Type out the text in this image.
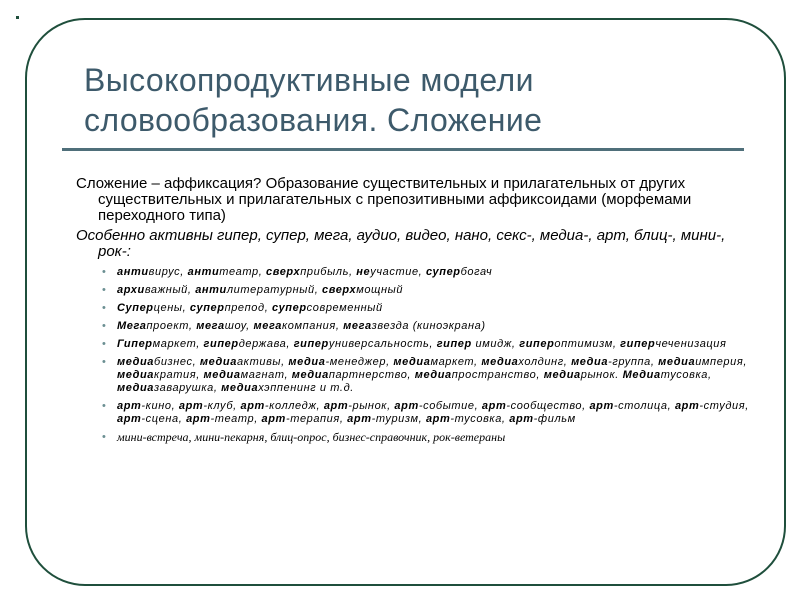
Высокопродуктивные модели словообразования. Сложение

Сложение – аффиксация? Образование существительных и прилагательных от других существительных и прилагательных с препозитивными аффиксоидами (морфемами переходного типа)

Особенно активны гипер, супер, мега, аудио, видео, нано, секс-, медиа-, арт, блиц-, мини-, рок-:

• антивирус, антитеатр, сверхприбыль, неучастие, супербогач
• архиважный, антилитературный, сверхмощный
• Суперцены, суперпрепод, суперсовременный
• Мегапроект, мегашоу, мегакомпания, мегазвезда (киноэкрана)
• Гипермаркет, гипердержава, гиперуниверсальность, гипер имидж, гипероптимизм, гиперчеченизация
• медиабизнес, медиаактивы, медиа-менеджер, медиамаркет, медиахолдинг, медиа-группа, медиаимперия, медиакратия, медиамагнат, медиапартнерство, медиапространство, медиарынок. Медиатусовка, медиазаварушка, медиахэппенинг и т.д.
• арт-кино, арт-клуб, арт-колледж, арт-рынок, арт-событие, арт-сообщество, арт-столица, арт-студия, арт-сцена, арт-театр, арт-терапия, арт-туризм, арт-тусовка, арт-фильм
• мини-встреча, мини-пекарня, блиц-опрос, бизнес-справочник, рок-ветераны
